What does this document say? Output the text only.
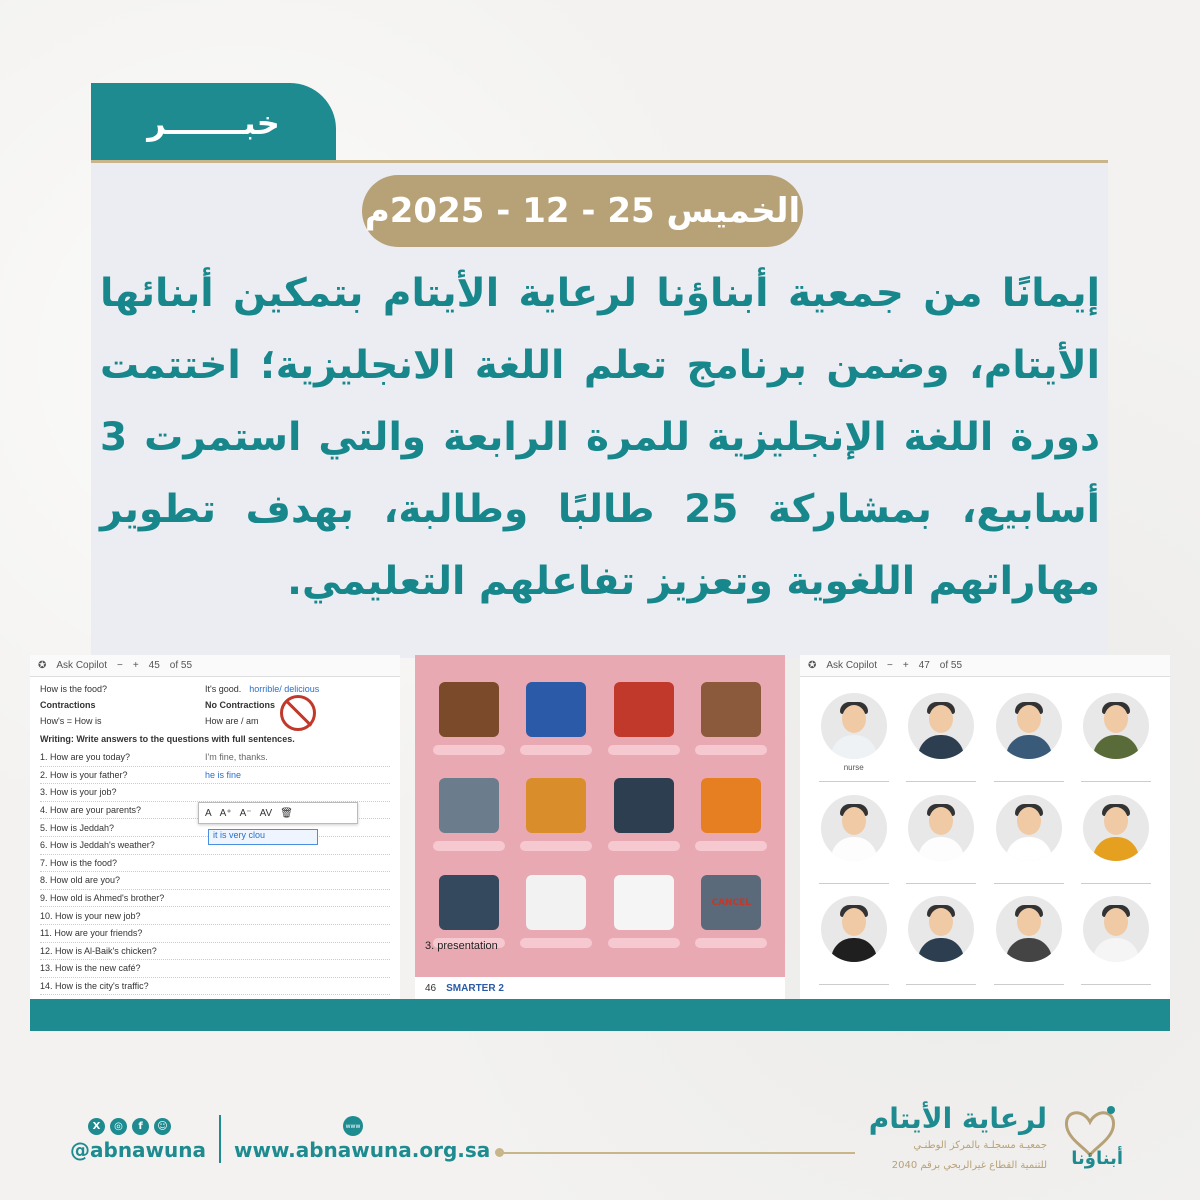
خبـــــــر
الخميس 25 - 12 - 2025م
إيمانًا من جمعية أبناؤنا لرعاية الأيتام بتمكين أبنائها الأيتام، وضمن برنامج تعلم اللغة الانجليزية؛ اختتمت دورة اللغة الإنجليزية للمرة الرابعة والتي استمرت 3 أسابيع، بمشاركة 25 طالبًا وطالبة، بهدف تطوير مهاراتهم اللغوية وتعزيز تفاعلهم التعليمي.
✪ Ask Copilot − + 45 of 55
How is the food?	It's good. horrible/ delicious
Contractions	No Contractions
How's = How is	How are / am
Writing: Write answers to the questions with full sentences.
1. How are you today?	I'm fine, thanks.
2. How is your father?	he is fine
3. How is your job?
4. How are your parents?
5. How is Jeddah?
6. How is Jeddah's weather?
7. How is the food?
8. How old are you?
9. How old is Ahmed's brother?
10. How is your new job?
11. How are your friends?
12. How is Al-Baik's chicken?
13. How is the new café?
14. How is the city's traffic?
A A⁺ A⁻ AV 🗑
it is very clou
CANCEL
3. presentation
46 SMARTER 2
✪ Ask Copilot − + 47 of 55
nurse
X	◎	f	☺
@abnawuna
www
www.abnawuna.org.sa	أبناؤنا
لرعاية الأيتام
جمعيـة مسجلـة بالمركز الوطنـي
للتنمية القطاع غيرالربحي برقم 2040
